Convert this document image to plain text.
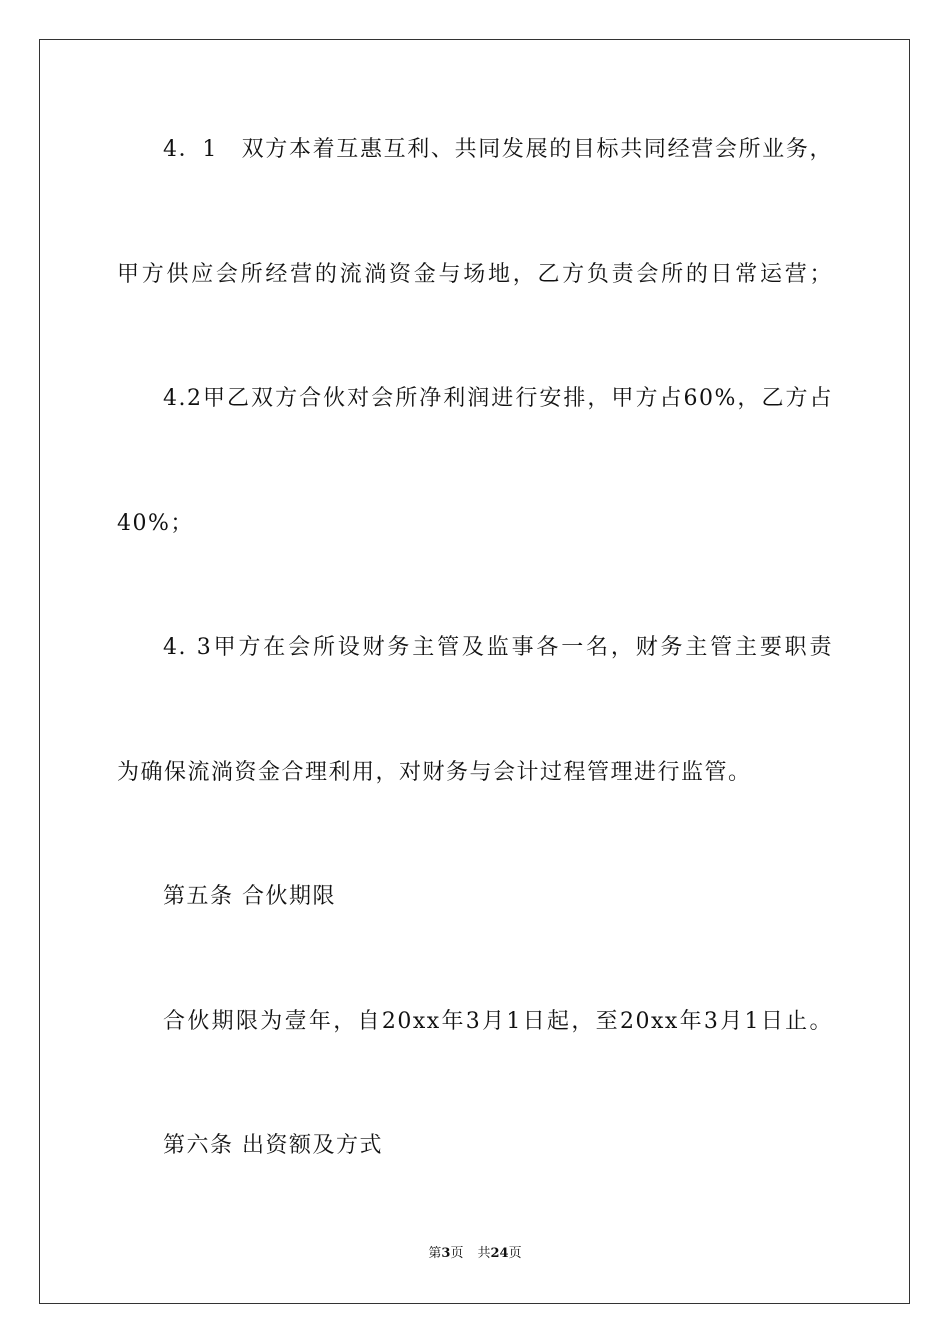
4．1　双方本着互惠互利、共同发展的目标共同经营会所业务，
甲方供应会所经营的流淌资金与场地，乙方负责会所的日常运营；
4.2甲乙双方合伙对会所净利润进行安排，甲方占60%，乙方占
40%；
4. 3甲方在会所设财务主管及监事各一名，财务主管主要职责
为确保流淌资金合理利用，对财务与会计过程管理进行监管。
第五条 合伙期限
合伙期限为壹年，自20xx年3月1日起，至20xx年3月1日止。
第六条 出资额及方式
第3页 共24页
